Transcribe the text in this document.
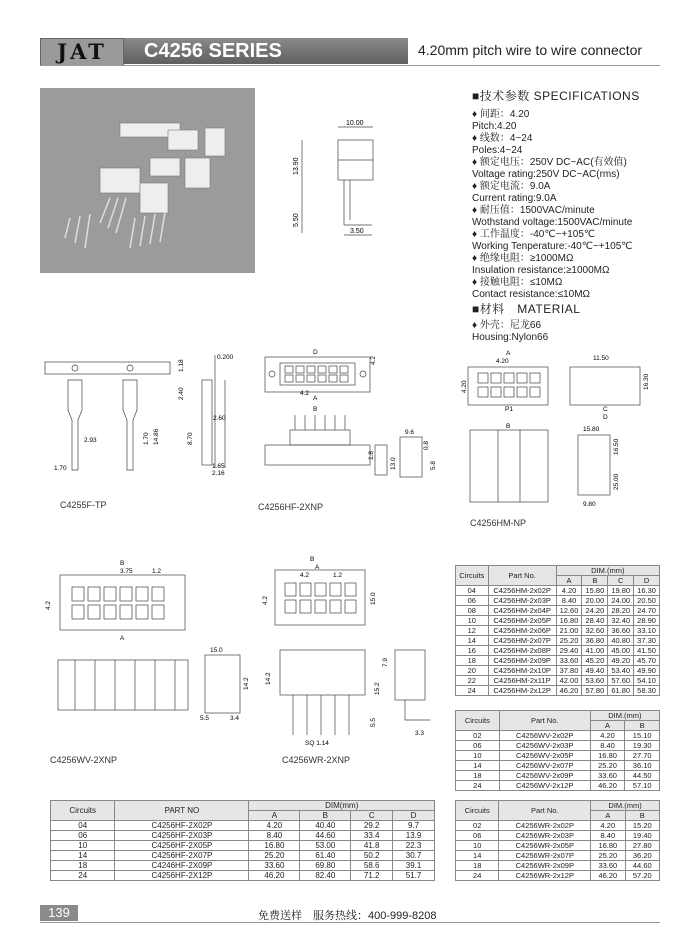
JAT	C4256 SERIES	4.20mm pitch wire to wire connector
10.00
13.90
5.50
3.50
■技术参数 SPECIFICATIONS
♦ 间距：4.20
Pitch:4.20
♦ 线数：4~24
Poles:4~24
♦ 额定电压：250V DC~AC(有效值)
Voltage rating:250V DC~AC(rms)
♦ 额定电流：9.0A
Current rating:9.0A
♦ 耐压值：1500VAC/minute
Wothstand voltage:1500VAC/minute
♦ 工作温度：-40℃~+105℃
Working Tenperature:-40℃~+105℃
♦ 绝缘电阻：≥1000MΩ
Insulation resistance:≥1000MΩ
♦ 接触电阻：≤10MΩ
Contact resistance:≤10MΩ
■材料　MATERIAL
♦ 外壳：尼龙66
Housing:Nylon66
0.200
1.18
2.40
14.86
1.70	8.70
2.60
2.93
1.70	1.65
2.16
C4255F-TP
D
4.2
A
B
4.2
9.6
13.0
1.8
0.8
5.8
C4256HF-2XNP
A
4.20
4.20
P1
B
C
D
11.50
16.30
15.80
16.50
25.00
9.80
C4256HM-NP
B
3.75	1.2
4.2
A
15.0
14.2
5.5	3.4
C4256WV-2XNP
B
4.2
A
1.2
4.2	15.0
14.2
7.9
15.2
5.5
SQ 1.14
3.3
C4256WR-2XNP
Circuits	Part No.	DIM.(mm)			
		A	B	C	D
04	C4256HM-2x02P	4.20	15.80	19.80	16.30
06	C4256HM-2x03P	8.40	20.00	24.00	20.50
08	C4256HM-2x04P	12.60	24.20	28.20	24.70
10	C4256HM-2x05P	16.80	28.40	32.40	28.90
12	C4256HM-2x06P	21.00	32.60	36.60	33.10
14	C4256HM-2x07P	25.20	36.80	40.80	37.30
16	C4256HM-2x08P	29.40	41.00	45.00	41.50
18	C4256HM-2x09P	33.60	45.20	49.20	45.70
20	C4256HM-2x10P	37.80	49.40	53.40	49.90
22	C4256HM-2x11P	42.00	53.60	57.60	54.10
24	C4256HM-2x12P	46.20	57.80	61.80	58.30
Circuits	Part No.	DIM.(mm)	
		A	B
02	C4256WV-2x02P	4.20	15.10
06	C4256WV-2x03P	8.40	19.30
10	C4256WV-2x05P	16.80	27.70
14	C4256WV-2x07P	25.20	36.10
18	C4256WV-2x09P	33.60	44.50
24	C4256WV-2x12P	46.20	57.10
Circuits	Part No.	DIM.(mm)	
		A	B
02	C4256WR-2x02P	4.20	15.20
06	C4256WR-2x03P	8.40	19.40
10	C4256WR-2x05P	16.80	27.80
14	C4256WR-2x07P	25.20	36.20
18	C4256WR-2x09P	33.60	44.60
24	C4256WR-2x12P	46.20	57.20
Circuits	PART NO	DIM(mm)			
		A	B	C	D
04	C4256HF-2X02P	4.20	40.40	29.2	9.7
06	C4256HF-2X03P	8.40	44.60	33.4	13.9
10	C4256HF-2X05P	16.80	53.00	41.8	22.3
14	C4256HF-2X07P	25.20	61.40	50.2	30.7
18	C4246HF-2X09P	33.60	69.80	58.6	39.1
24	C4256HF-2X12P	46.20	82.40	71.2	51.7
139	免费送样　服务热线：400-999-8208
